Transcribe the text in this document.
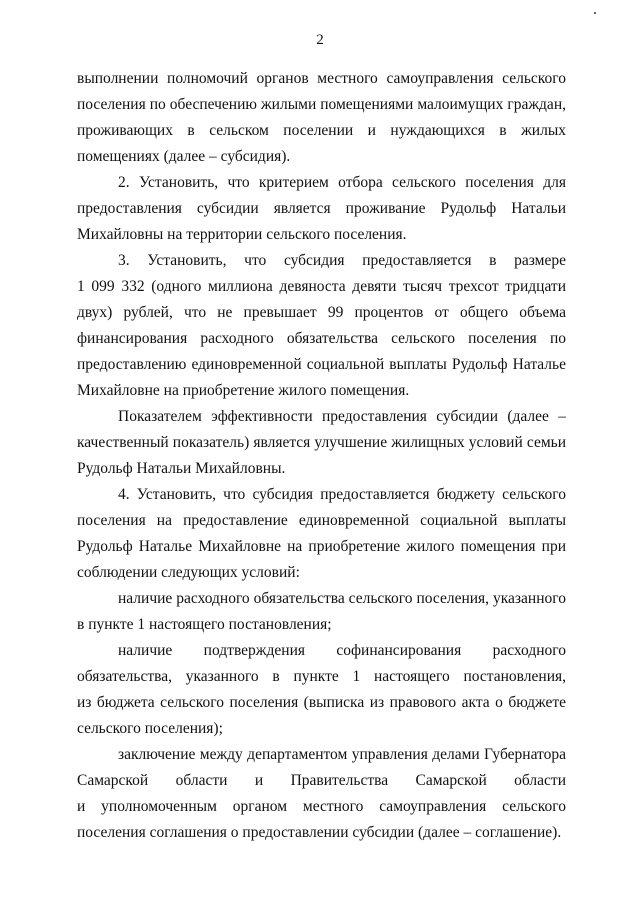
2
выполнении полномочий органов местного самоуправления сельского
поселения по обеспечению жилыми помещениями малоимущих граждан,
проживающих в сельском поселении и нуждающихся в жилых
помещениях (далее – субсидия).
2. Установить, что критерием отбора сельского поселения для
предоставления субсидии является проживание Рудольф Натальи
Михайловны на территории сельского поселения.
3. Установить, что субсидия предоставляется в размере
1 099 332 (одного миллиона девяноста девяти тысяч трехсот тридцати
двух) рублей, что не превышает 99 процентов от общего объема
финансирования расходного обязательства сельского поселения по
предоставлению единовременной социальной выплаты Рудольф Наталье
Михайловне на приобретение жилого помещения.
Показателем эффективности предоставления субсидии (далее –
качественный показатель) является улучшение жилищных условий семьи
Рудольф Натальи Михайловны.
4. Установить, что субсидия предоставляется бюджету сельского
поселения на предоставление единовременной социальной выплаты
Рудольф Наталье Михайловне на приобретение жилого помещения при
соблюдении следующих условий:
наличие расходного обязательства сельского поселения, указанного
в пункте 1 настоящего постановления;
наличие подтверждения софинансирования расходного
обязательства, указанного в пункте 1 настоящего постановления,
из бюджета сельского поселения (выписка из правового акта о бюджете
сельского поселения);
заключение между департаментом управления делами Губернатора
Самарской области и Правительства Самарской области
и уполномоченным органом местного самоуправления сельского
поселения соглашения о предоставлении субсидии (далее – соглашение).
